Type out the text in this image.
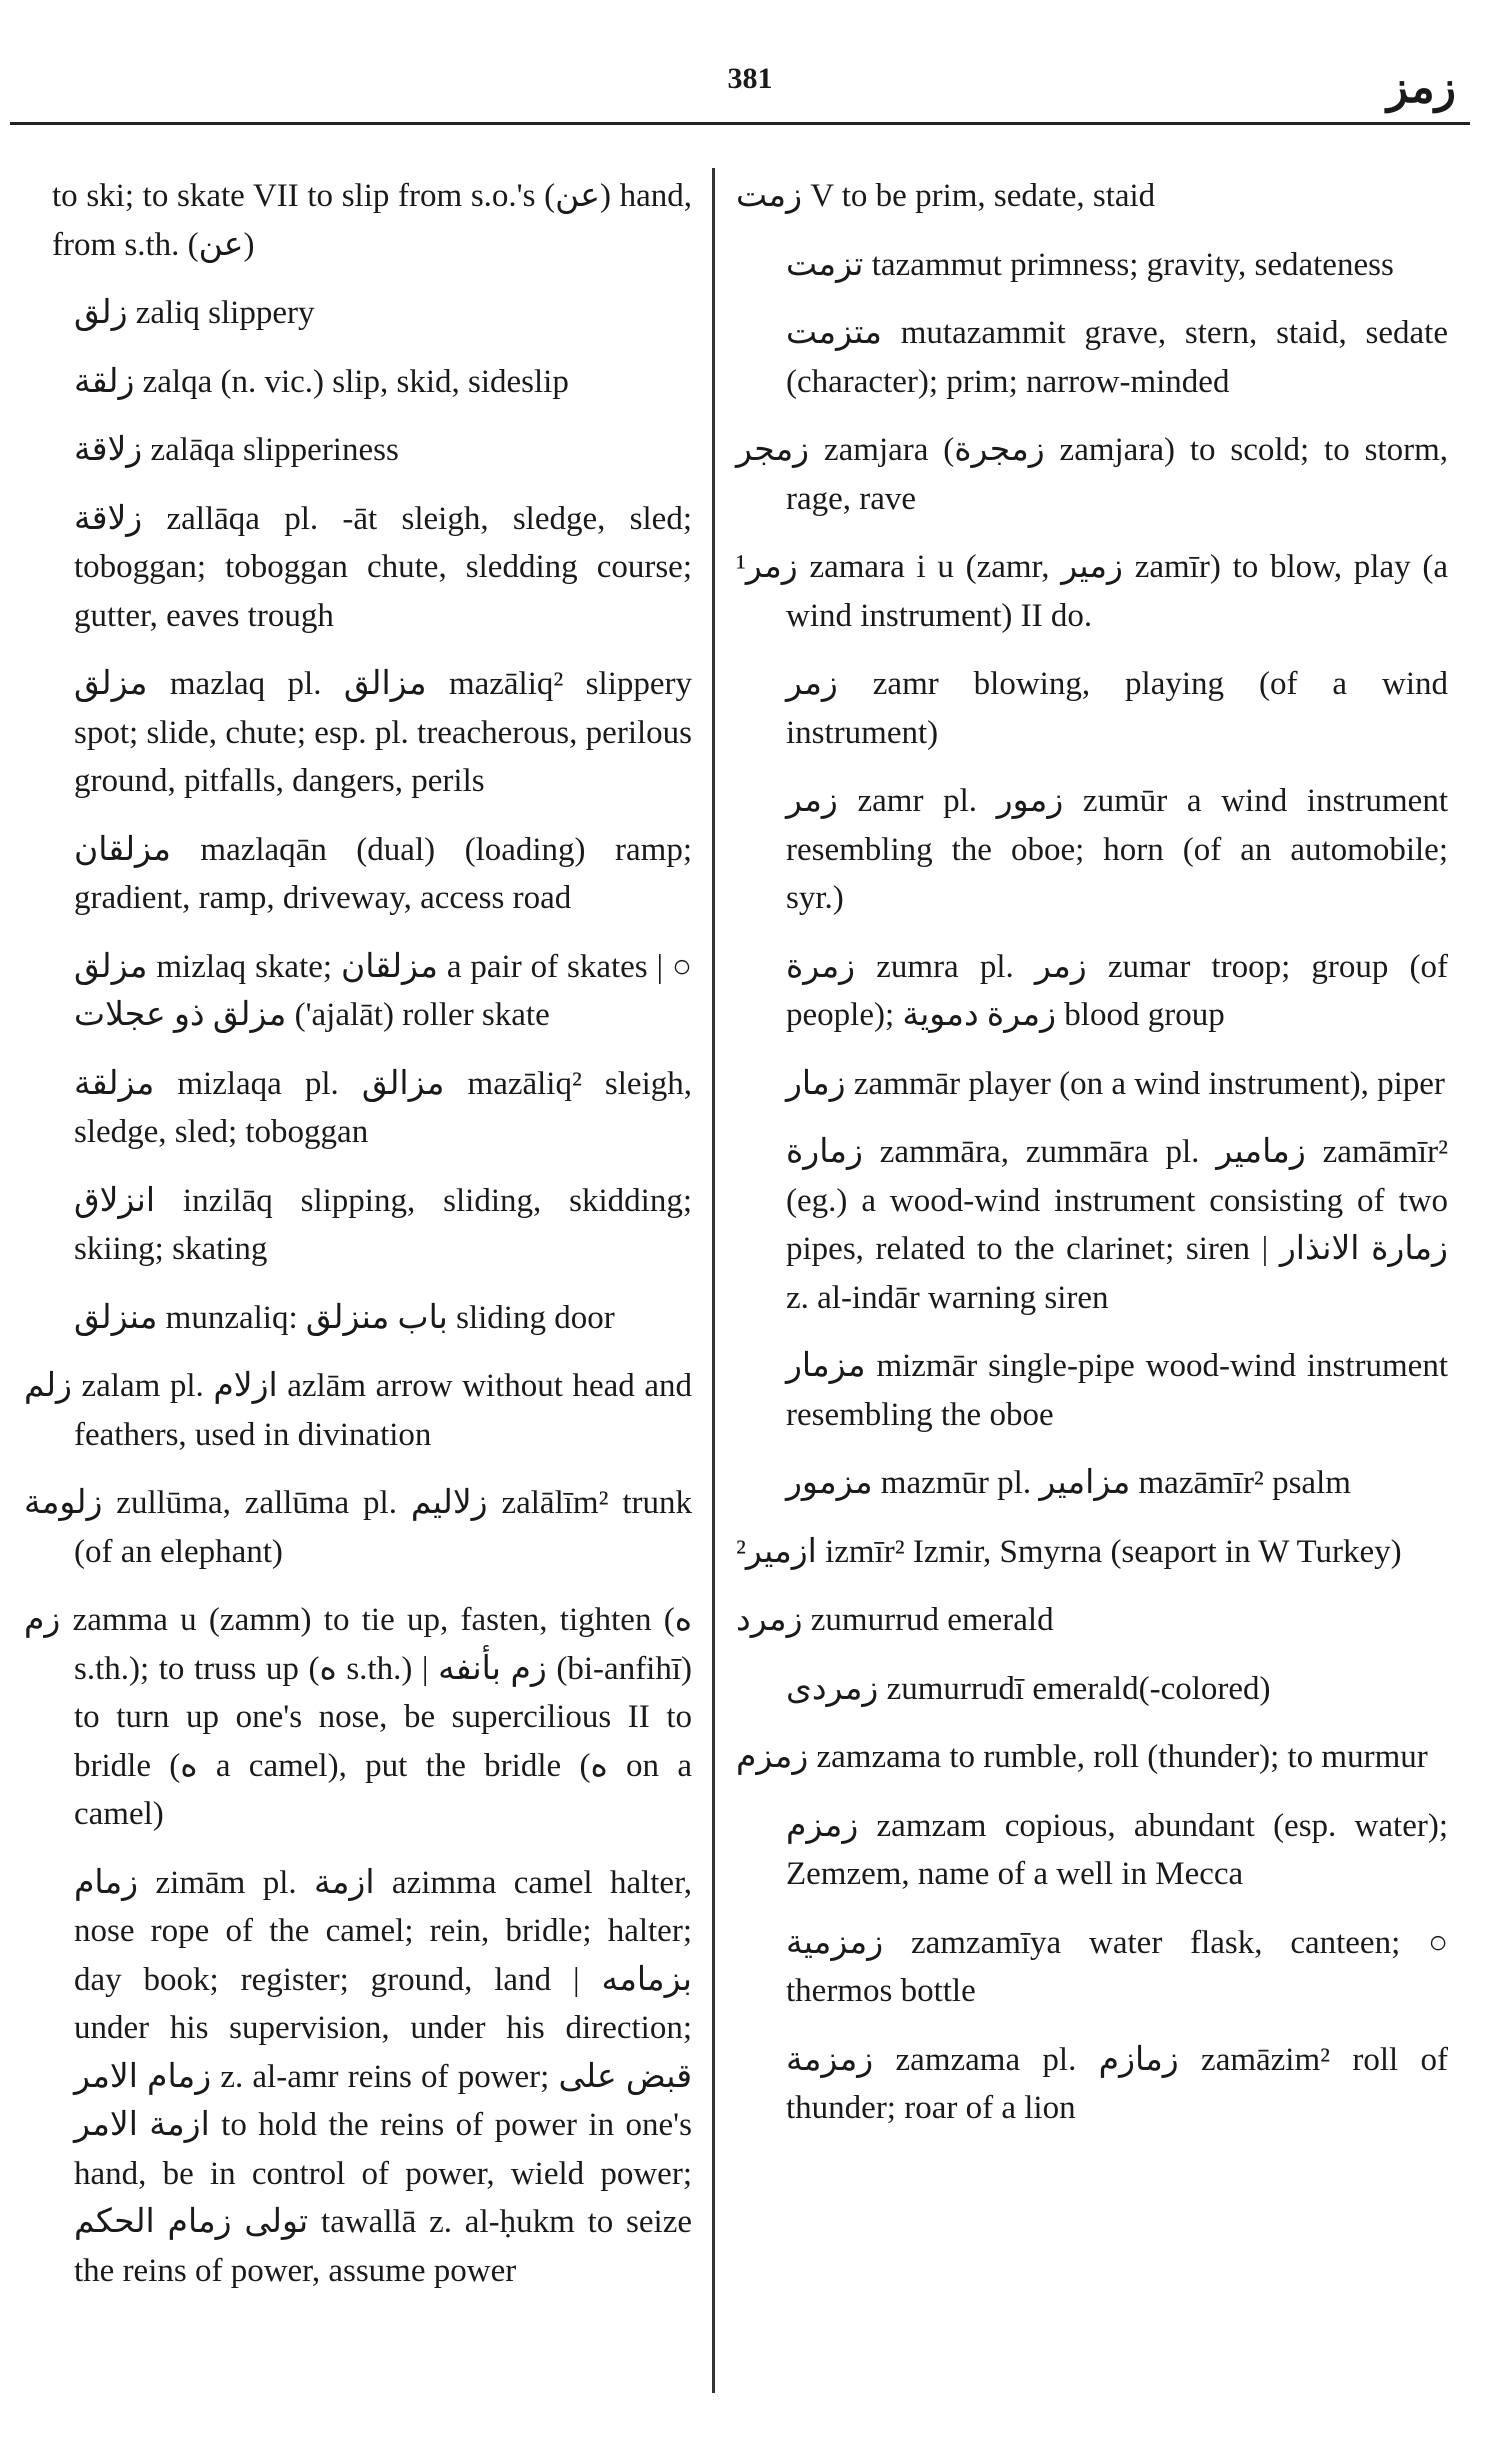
381	زمز

to ski; to skate VII to slip from s.o.'s (عن) hand, from s.th. (عن)

زلق zaliq slippery

زلقة zalqa (n. vic.) slip, skid, sideslip

زلاقة zalāqa slipperiness

زلاقة zallāqa pl. -āt sleigh, sledge, sled; toboggan; toboggan chute, sledding course; gutter, eaves trough

مزلق mazlaq pl. مزالق mazāliq² slippery spot; slide, chute; esp. pl. treacherous, perilous ground, pitfalls, dangers, perils

مزلقان mazlaqān (dual) (loading) ramp; gradient, ramp, driveway, access road

مزلق mizlaq skate; مزلقان a pair of skates | ○ مزلق ذو عجلات ('ajalāt) roller skate

مزلقة mizlaqa pl. مزالق mazāliq² sleigh, sledge, sled; toboggan

انزلاق inzilāq slipping, sliding, skidding; skiing; skating

منزلق munzaliq: باب منزلق sliding door

زلم zalam pl. ازلام azlām arrow without head and feathers, used in divination

زلومة zullūma, zallūma pl. زلاليم zalālīm² trunk (of an elephant)

زم zamma u (zamm) to tie up, fasten, tighten (ه s.th.); to truss up (ه s.th.) | زم بأنفه (bi-anfihī) to turn up one's nose, be supercilious II to bridle (ه a camel), put the bridle (ه on a camel)

زمام zimām pl. ازمة azimma camel halter, nose rope of the camel; rein, bridle; halter; day book; register; ground, land | بزمامه under his supervision, under his direction; زمام الامر z. al-amr reins of power; قبض على ازمة الامر to hold the reins of power in one's hand, be in control of power, wield power; تولى زمام الحكم tawallā z. al-ḥukm to seize the reins of power, assume power

زمت V to be prim, sedate, staid

تزمت tazammut primness; gravity, sedateness

متزمت mutazammit grave, stern, staid, sedate (character); prim; narrow-minded

زمجر zamjara (زمجرة zamjara) to scold; to storm, rage, rave

¹زمر zamara i u (zamr, زمير zamīr) to blow, play (a wind instrument) II do.

زمر zamr blowing, playing (of a wind instrument)

زمر zamr pl. زمور zumūr a wind instrument resembling the oboe; horn (of an automobile; syr.)

زمرة zumra pl. زمر zumar troop; group (of people); زمرة دموية blood group

زمار zammār player (on a wind instrument), piper

زمارة zammāra, zummāra pl. زمامير zamāmīr² (eg.) a wood-wind instrument consisting of two pipes, related to the clarinet; siren | زمارة الانذار z. al-indār warning siren

مزمار mizmār single-pipe wood-wind instrument resembling the oboe

مزمور mazmūr pl. مزامير mazāmīr² psalm

²ازمير izmīr² Izmir, Smyrna (seaport in W Turkey)

زمرد zumurrud emerald

زمردى zumurrudī emerald(-colored)

زمزم zamzama to rumble, roll (thunder); to murmur

زمزم zamzam copious, abundant (esp. water); Zemzem, name of a well in Mecca

زمزمية zamzamīya water flask, canteen; ○ thermos bottle

زمزمة zamzama pl. زمازم zamāzim² roll of thunder; roar of a lion
